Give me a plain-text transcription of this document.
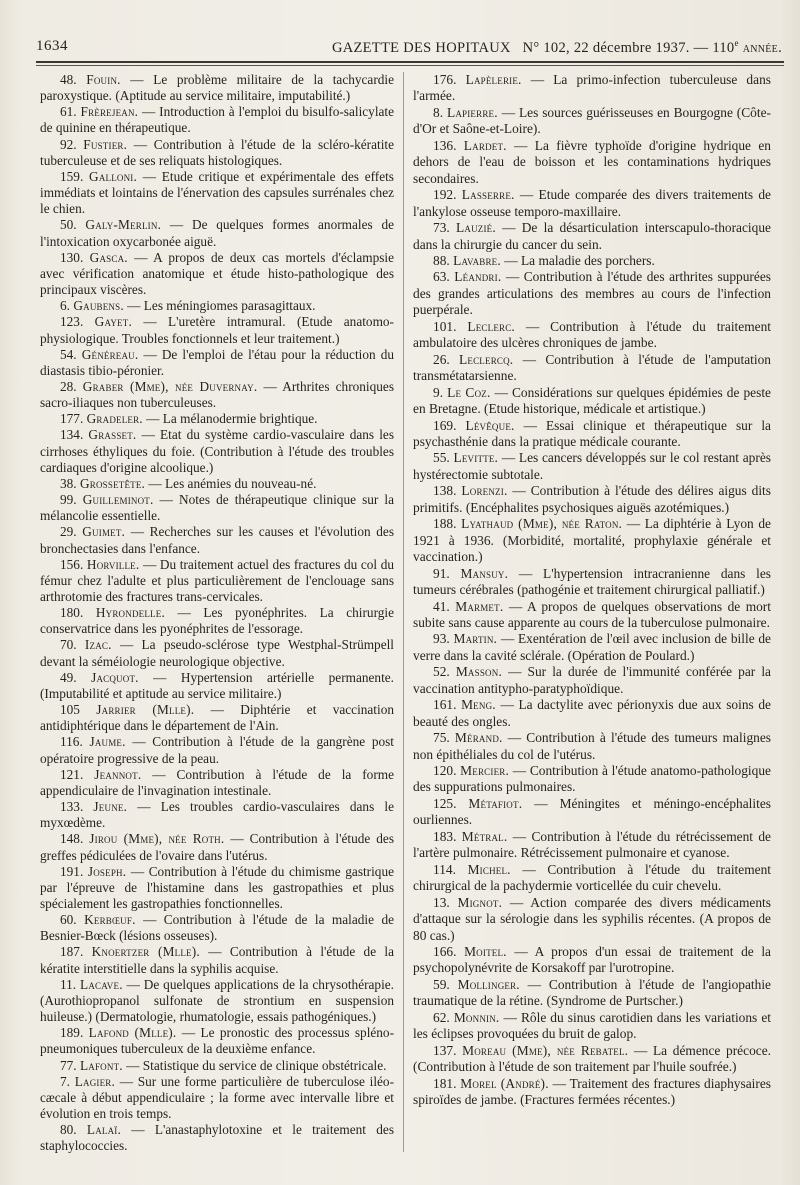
1634	GAZETTE DES HOPITAUX N° 102, 22 décembre 1937. — 110e année.

48. Fouin. — Le problème militaire de la tachycardie paroxystique. (Aptitude au service militaire, imputabilité.)

61. Frèrejean. — Introduction à l'emploi du bisulfo-salicylate de quinine en thérapeutique.

92. Fustier. — Contribution à l'étude de la scléro-kératite tuberculeuse et de ses reliquats histologiques.

159. Galloni. — Etude critique et expérimentale des effets immédiats et lointains de l'énervation des capsules surrénales chez le chien.

50. Galy-Merlin. — De quelques formes anormales de l'intoxication oxycarbonée aiguë.

130. Gasca. — A propos de deux cas mortels d'éclampsie avec vérification anatomique et étude histo-pathologique des principaux viscères.

6. Gaubens. — Les méningiomes parasagittaux.

123. Gayet. — L'uretère intramural. (Etude anatomo-physiologique. Troubles fonctionnels et leur traitement.)

54. Généreau. — De l'emploi de l'étau pour la réduction du diastasis tibio-péronier.

28. Graber (Mme), née Duvernay. — Arthrites chroniques sacro-iliaques non tuberculeuses.

177. Gradeler. — La mélanodermie brightique.

134. Grasset. — Etat du système cardio-vasculaire dans les cirrhoses éthyliques du foie. (Contribution à l'étude des troubles cardiaques d'origine alcoolique.)

38. Grossetête. — Les anémies du nouveau-né.

99. Guilleminot. — Notes de thérapeutique clinique sur la mélancolie essentielle.

29. Guimet. — Recherches sur les causes et l'évolution des bronchectasies dans l'enfance.

156. Horville. — Du traitement actuel des fractures du col du fémur chez l'adulte et plus particulièrement de l'enclouage sans arthrotomie des fractures trans-cervicales.

180. Hyrondelle. — Les pyonéphrites. La chirurgie conservatrice dans les pyonéphrites de l'essorage.

70. Izac. — La pseudo-sclérose type Westphal-Strümpell devant la séméiologie neurologique objective.

49. Jacquot. — Hypertension artérielle permanente. (Imputabilité et aptitude au service militaire.)

105 Jarrier (Mlle). — Diphtérie et vaccination antidiphtérique dans le département de l'Ain.

116. Jaume. — Contribution à l'étude de la gangrène post opératoire progressive de la peau.

121. Jeannot. — Contribution à l'étude de la forme appendiculaire de l'invagination intestinale.

133. Jeune. — Les troubles cardio-vasculaires dans le myxœdème.

148. Jirou (Mme), née Roth. — Contribution à l'étude des greffes pédiculées de l'ovaire dans l'utérus.

191. Joseph. — Contribution à l'étude du chimisme gastrique par l'épreuve de l'histamine dans les gastropathies et plus spécialement les gastropathies fonctionnelles.

60. Kerbœuf. — Contribution à l'étude de la maladie de Besnier-Bœck (lésions osseuses).

187. Knoertzer (Mlle). — Contribution à l'étude de la kératite interstitielle dans la syphilis acquise.

11. Lacave. — De quelques applications de la chrysothérapie. (Aurothiopropanol sulfonate de strontium en suspension huileuse.) (Dermatologie, rhumatologie, essais pathogéniques.)

189. Lafond (Mlle). — Le pronostic des processus spléno-pneumoniques tuberculeux de la deuxième enfance.

77. Lafont. — Statistique du service de clinique obstétricale.

7. Lagier. — Sur une forme particulière de tuberculose iléo-cæcale à début appendiculaire ; la forme avec intervalle libre et évolution en trois temps.

80. Lalaï. — L'anastaphylotoxine et le traitement des staphylococcies.

176. Lapèlerie. — La primo-infection tuberculeuse dans l'armée.

8. Lapierre. — Les sources guérisseuses en Bourgogne (Côte-d'Or et Saône-et-Loire).

136. Lardet. — La fièvre typhoïde d'origine hydrique en dehors de l'eau de boisson et les contaminations hydriques secondaires.

192. Lasserre. — Etude comparée des divers traitements de l'ankylose osseuse temporo-maxillaire.

73. Lauzié. — De la désarticulation interscapulo-thoracique dans la chirurgie du cancer du sein.

88. Lavabre. — La maladie des porchers.

63. Léandri. — Contribution à l'étude des arthrites suppurées des grandes articulations des membres au cours de l'infection puerpérale.

101. Leclerc. — Contribution à l'étude du traitement ambulatoire des ulcères chroniques de jambe.

26. Leclercq. — Contribution à l'étude de l'amputation transmétatarsienne.

9. Le Coz. — Considérations sur quelques épidémies de peste en Bretagne. (Etude historique, médicale et artistique.)

169. Lévêque. — Essai clinique et thérapeutique sur la psychasthénie dans la pratique médicale courante.

55. Levitte. — Les cancers développés sur le col restant après hystérectomie subtotale.

138. Lorenzi. — Contribution à l'étude des délires aigus dits primitifs. (Encéphalites psychosiques aiguës azotémiques.)

188. Lyathaud (Mme), née Raton. — La diphtérie à Lyon de 1921 à 1936. (Morbidité, mortalité, prophylaxie générale et vaccination.)

91. Mansuy. — L'hypertension intracranienne dans les tumeurs cérébrales (pathogénie et traitement chirurgical palliatif.)

41. Marmet. — A propos de quelques observations de mort subite sans cause apparente au cours de la tuberculose pulmonaire.

93. Martin. — Exentération de l'œil avec inclusion de bille de verre dans la cavité sclérale. (Opération de Poulard.)

52. Masson. — Sur la durée de l'immunité conférée par la vaccination antitypho-paratyphoïdique.

161. Meng. — La dactylite avec périonyxis due aux soins de beauté des ongles.

75. Mérand. — Contribution à l'étude des tumeurs malignes non épithéliales du col de l'utérus.

120. Mercier. — Contribution à l'étude anatomo-pathologique des suppurations pulmonaires.

125. Métafiot. — Méningites et méningo-encéphalites ourliennes.

183. Métral. — Contribution à l'étude du rétrécissement de l'artère pulmonaire. Rétrécissement pulmonaire et cyanose.

114. Michel. — Contribution à l'étude du traitement chirurgical de la pachydermie vorticellée du cuir chevelu.

13. Mignot. — Action comparée des divers médicaments d'attaque sur la sérologie dans les syphilis récentes. (A propos de 80 cas.)

166. Moitel. — A propos d'un essai de traitement de la psychopolynévrite de Korsakoff par l'urotropine.

59. Mollinger. — Contribution à l'étude de l'angiopathie traumatique de la rétine. (Syndrome de Purtscher.)

62. Monnin. — Rôle du sinus carotidien dans les variations et les éclipses provoquées du bruit de galop.

137. Moreau (Mme), née Rebatel. — La démence précoce. (Contribution à l'étude de son traitement par l'huile soufrée.)

181. Morel (André). — Traitement des fractures diaphysaires spiroïdes de jambe. (Fractures fermées récentes.)
